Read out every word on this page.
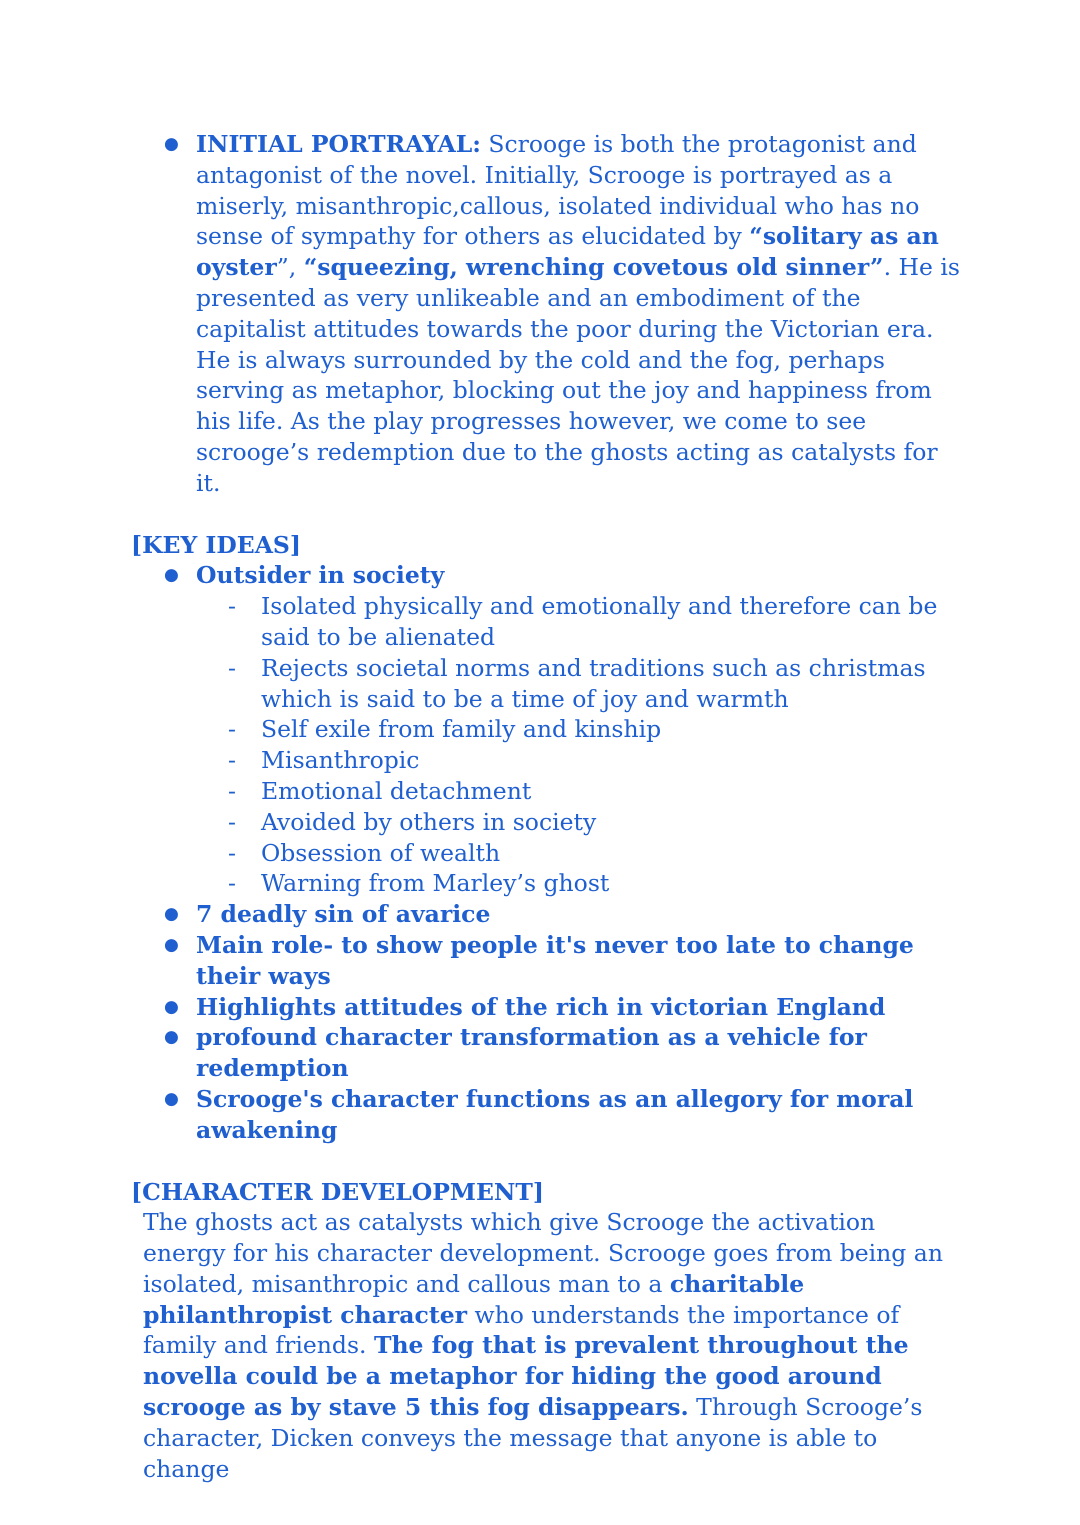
● INITIAL PORTRAYAL: Scrooge is both the protagonist and antagonist of the novel. Initially, Scrooge is portrayed as a miserly, misanthropic,callous, isolated individual who has no sense of sympathy for others as elucidated by “solitary as an oyster”, “squeezing, wrenching covetous old sinner”. He is presented as very unlikeable and an embodiment of the capitalist attitudes towards the poor during the Victorian era. He is always surrounded by the cold and the fog, perhaps serving as metaphor, blocking out the joy and happiness from his life. As the play progresses however, we come to see scrooge’s redemption due to the ghosts acting as catalysts for it.

[KEY IDEAS]

● Outsider in society
- Isolated physically and emotionally and therefore can be said to be alienated
- Rejects societal norms and traditions such as christmas which is said to be a time of joy and warmth
- Self exile from family and kinship
- Misanthropic
- Emotional detachment
- Avoided by others in society
- Obsession of wealth
- Warning from Marley’s ghost
● 7 deadly sin of avarice
● Main role- to show people it's never too late to change their ways
● Highlights attitudes of the rich in victorian England
● profound character transformation as a vehicle for redemption
● Scrooge's character functions as an allegory for moral awakening

[CHARACTER DEVELOPMENT]

The ghosts act as catalysts which give Scrooge the activation energy for his character development. Scrooge goes from being an isolated, misanthropic and callous man to a charitable philanthropist character who understands the importance of family and friends. The fog that is prevalent throughout the novella could be a metaphor for hiding the good around scrooge as by stave 5 this fog disappears. Through Scrooge’s character, Dicken conveys the message that anyone is able to change
